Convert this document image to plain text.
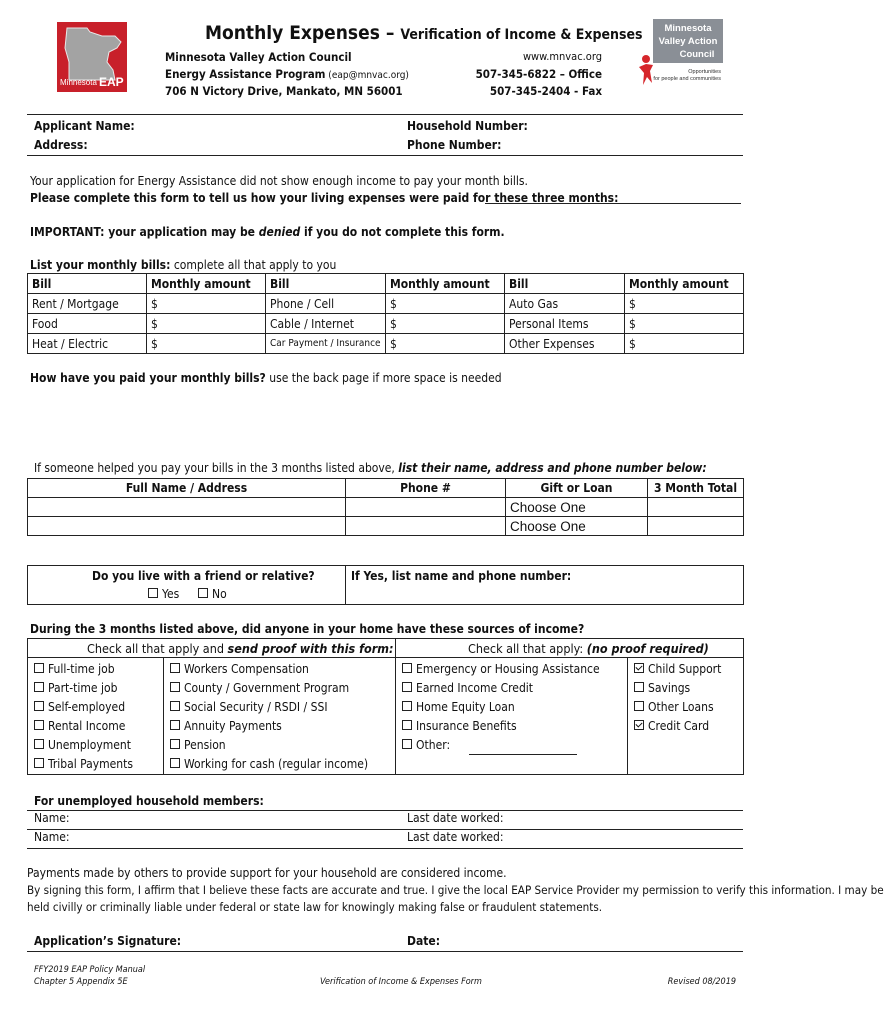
Minnesota EAP
Monthly Expenses – Verification of Income & Expenses
Minnesota Valley Action Council
Energy Assistance Program (eap@mnvac.org)
706 N Victory Drive, Mankato, MN 56001
www.mnvac.org
507-345-6822 – Office
507-345-2404 - Fax
Minnesota
Valley Action
Council
Opportunities
for people and communities
Applicant Name:
Address:
Household Number:
Phone Number:
Your application for Energy Assistance did not show enough income to pay your month bills.
Please complete this form to tell us how your living expenses were paid for these three months:
IMPORTANT: your application may be denied if you do not complete this form.
List your monthly bills: complete all that apply to you
Bill	Monthly amount	Bill	Monthly amount	Bill	Monthly amount
Rent / Mortgage	$	Phone / Cell	$	Auto Gas	$
Food	$	Cable / Internet	$	Personal Items	$
Heat / Electric	$	Car Payment / Insurance	$	Other Expenses	$
How have you paid your monthly bills? use the back page if more space is needed
If someone helped you pay your bills in the 3 months listed above, list their name, address and phone number below:
Full Name / Address	Phone #	Gift or Loan	3 Month Total
		Choose One	
		Choose One	
Do you live with a friend or relative?
Yes	No
If Yes, list name and phone number:
During the 3 months listed above, did anyone in your home have these sources of income?
Check all that apply and send proof with this form:	Check all that apply: (no proof required)
Full-time job
Part-time job
Self-employed
Rental Income
Unemployment
Tribal Payments
Workers Compensation
County / Government Program
Social Security / RSDI / SSI
Annuity Payments
Pension
Working for cash (regular income)
Emergency or Housing Assistance
Earned Income Credit
Home Equity Loan
Insurance Benefits
Other:
Child Support
Savings
Other Loans
Credit Card
For unemployed household members:
Name:	Last date worked:
Name:	Last date worked:
Payments made by others to provide support for your household are considered income.
By signing this form, I affirm that I believe these facts are accurate and true. I give the local EAP Service Provider my permission to verify this information. I may be
held civilly or criminally liable under federal or state law for knowingly making false or fraudulent statements.
Application’s Signature:	Date:
FFY2019 EAP Policy Manual
Chapter 5 Appendix 5E	Verification of Income & Expenses Form	Revised 08/2019
